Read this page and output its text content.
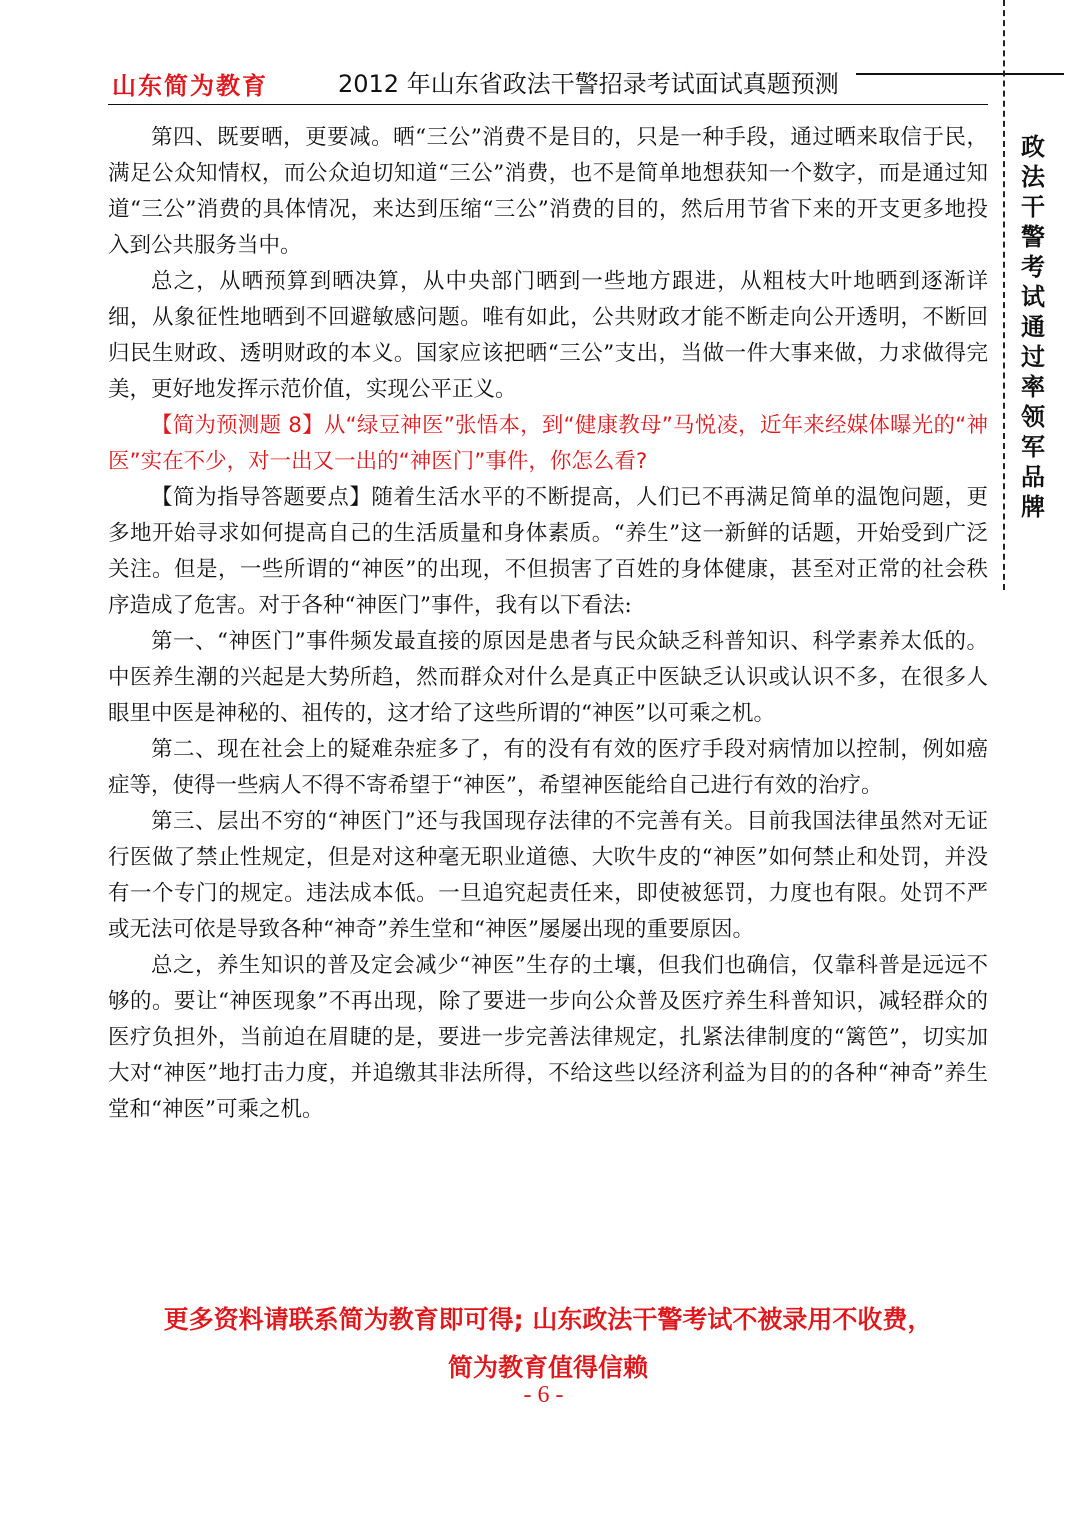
山东简为教育	2012 年山东省政法干警招录考试面试真题预测
政法干警考试通过率领军品牌

第四、既要晒，更要减。晒“三公”消费不是目的，只是一种手段，通过晒来取信于民，满足公众知情权，而公众迫切知道“三公”消费，也不是简单地想获知一个数字，而是通过知道“三公”消费的具体情况，来达到压缩“三公”消费的目的，然后用节省下来的开支更多地投入到公共服务当中。

总之，从晒预算到晒决算，从中央部门晒到一些地方跟进，从粗枝大叶地晒到逐渐详细，从象征性地晒到不回避敏感问题。唯有如此，公共财政才能不断走向公开透明，不断回归民生财政、透明财政的本义。国家应该把晒“三公”支出，当做一件大事来做，力求做得完美，更好地发挥示范价值，实现公平正义。

【简为预测题 8】从“绿豆神医”张悟本，到“健康教母”马悦凌，近年来经媒体曝光的“神医”实在不少，对一出又一出的“神医门”事件，你怎么看?

【简为指导答题要点】随着生活水平的不断提高，人们已不再满足简单的温饱问题，更多地开始寻求如何提高自己的生活质量和身体素质。“养生”这一新鲜的话题，开始受到广泛关注。但是，一些所谓的“神医”的出现，不但损害了百姓的身体健康，甚至对正常的社会秩序造成了危害。对于各种“神医门”事件，我有以下看法:

第一、“神医门”事件频发最直接的原因是患者与民众缺乏科普知识、科学素养太低的。中医养生潮的兴起是大势所趋，然而群众对什么是真正中医缺乏认识或认识不多，在很多人眼里中医是神秘的、祖传的，这才给了这些所谓的“神医”以可乘之机。

第二、现在社会上的疑难杂症多了，有的没有有效的医疗手段对病情加以控制，例如癌症等，使得一些病人不得不寄希望于“神医”，希望神医能给自己进行有效的治疗。

第三、层出不穷的“神医门”还与我国现存法律的不完善有关。目前我国法律虽然对无证行医做了禁止性规定，但是对这种毫无职业道德、大吹牛皮的“神医”如何禁止和处罚，并没有一个专门的规定。违法成本低。一旦追究起责任来，即使被惩罚，力度也有限。处罚不严或无法可依是导致各种“神奇”养生堂和“神医”屡屡出现的重要原因。

总之，养生知识的普及定会减少“神医”生存的土壤，但我们也确信，仅靠科普是远远不够的。要让“神医现象”不再出现，除了要进一步向公众普及医疗养生科普知识，减轻群众的医疗负担外，当前迫在眉睫的是，要进一步完善法律规定，扎紧法律制度的“篱笆”，切实加大对“神医”地打击力度，并追缴其非法所得，不给这些以经济利益为目的的各种“神奇”养生堂和“神医”可乘之机。

更多资料请联系简为教育即可得; 山东政法干警考试不被录用不收费，
简为教育值得信赖
- 6 -
